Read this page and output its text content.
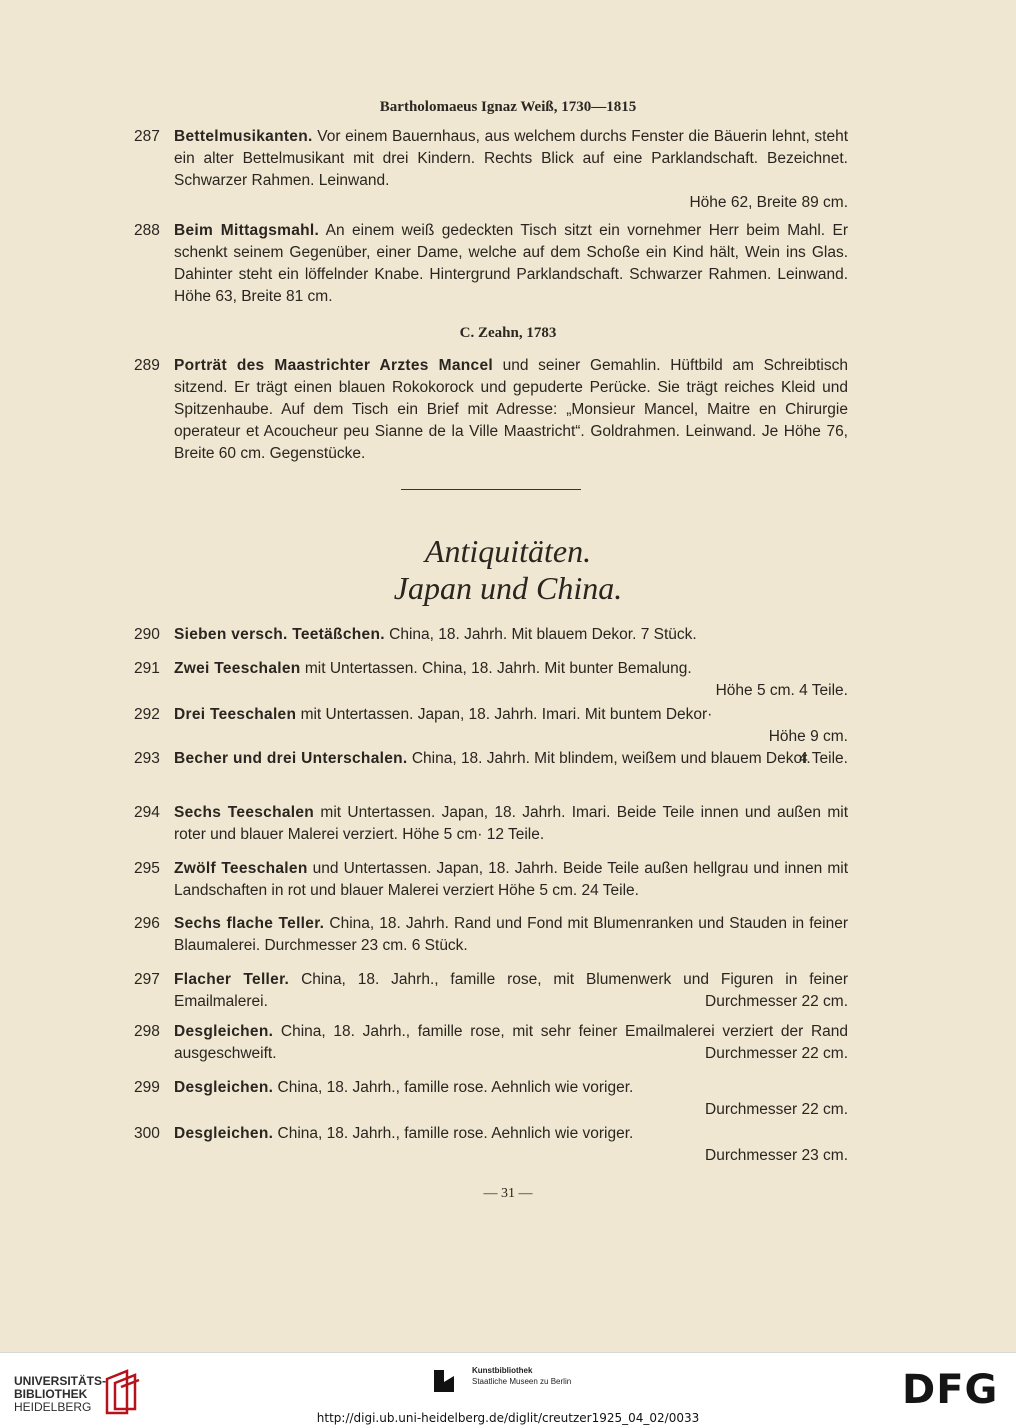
Bartholomaeus Ignaz Weiß, 1730—1815
287 Bettelmusikanten. Vor einem Bauernhaus, aus welchem durchs Fenster die Bäuerin lehnt, steht ein alter Bettelmusikant mit drei Kindern. Rechts Blick auf eine Parklandschaft. Bezeichnet. Schwarzer Rahmen. Leinwand.
Höhe 62, Breite 89 cm.
288 Beim Mittagsmahl. An einem weiß gedeckten Tisch sitzt ein vornehmer Herr beim Mahl. Er schenkt seinem Gegenüber, einer Dame, welche auf dem Schoße ein Kind hält, Wein ins Glas. Dahinter steht ein löffelnder Knabe. Hintergrund Parklandschaft. Schwarzer Rahmen. Leinwand. Höhe 63, Breite 81 cm.
C. Zeahn, 1783
289 Porträt des Maastrichter Arztes Mancel und seiner Gemahlin. Hüftbild am Schreibtisch sitzend. Er trägt einen blauen Rokokorock und gepuderte Perücke. Sie trägt reiches Kleid und Spitzenhaube. Auf dem Tisch ein Brief mit Adresse: „Monsieur Mancel, Maitre en Chirurgie operateur et Acoucheur peu Sianne de la Ville Maastricht“. Goldrahmen. Leinwand. Je Höhe 76, Breite 60 cm. Gegenstücke.
Antiquitäten.
Japan und China.
290 Sieben versch. Teetäßchen. China, 18. Jahrh. Mit blauem Dekor. 7 Stück.
291 Zwei Teeschalen mit Untertassen. China, 18. Jahrh. Mit bunter Bemalung.
Höhe 5 cm. 4 Teile.
292 Drei Teeschalen mit Untertassen. Japan, 18. Jahrh. Imari. Mit buntem Dekor·
Höhe 9 cm.
293 Becher und drei Unterschalen. China, 18. Jahrh. Mit blindem, weißem und blauem Dekor.
4 Teile.
294 Sechs Teeschalen mit Untertassen. Japan, 18. Jahrh. Imari. Beide Teile innen und außen mit roter und blauer Malerei verziert. Höhe 5 cm· 12 Teile.
295 Zwölf Teeschalen und Untertassen. Japan, 18. Jahrh. Beide Teile außen hellgrau und innen mit Landschaften in rot und blauer Malerei verziert Höhe 5 cm. 24 Teile.
296 Sechs flache Teller. China, 18. Jahrh. Rand und Fond mit Blumenranken und Stauden in feiner Blaumalerei. Durchmesser 23 cm. 6 Stück.
297 Flacher Teller. China, 18. Jahrh., famille rose, mit Blumenwerk und Figuren in feiner Emailmalerei.	Durchmesser 22 cm.
298 Desgleichen. China, 18. Jahrh., famille rose, mit sehr feiner Emailmalerei verziert der Rand ausgeschweift.	Durchmesser 22 cm.
299 Desgleichen. China, 18. Jahrh., famille rose. Aehnlich wie voriger.
Durchmesser 22 cm.
300 Desgleichen. China, 18. Jahrh., famille rose. Aehnlich wie voriger.
Durchmesser 23 cm.
— 31 —
UNIVERSITÄTS-
BIBLIOTHEK
HEIDELBERG
Kunstbibliothek
Staatliche Museen zu Berlin	DFG
http://digi.ub.uni-heidelberg.de/diglit/creutzer1925_04_02/0033
